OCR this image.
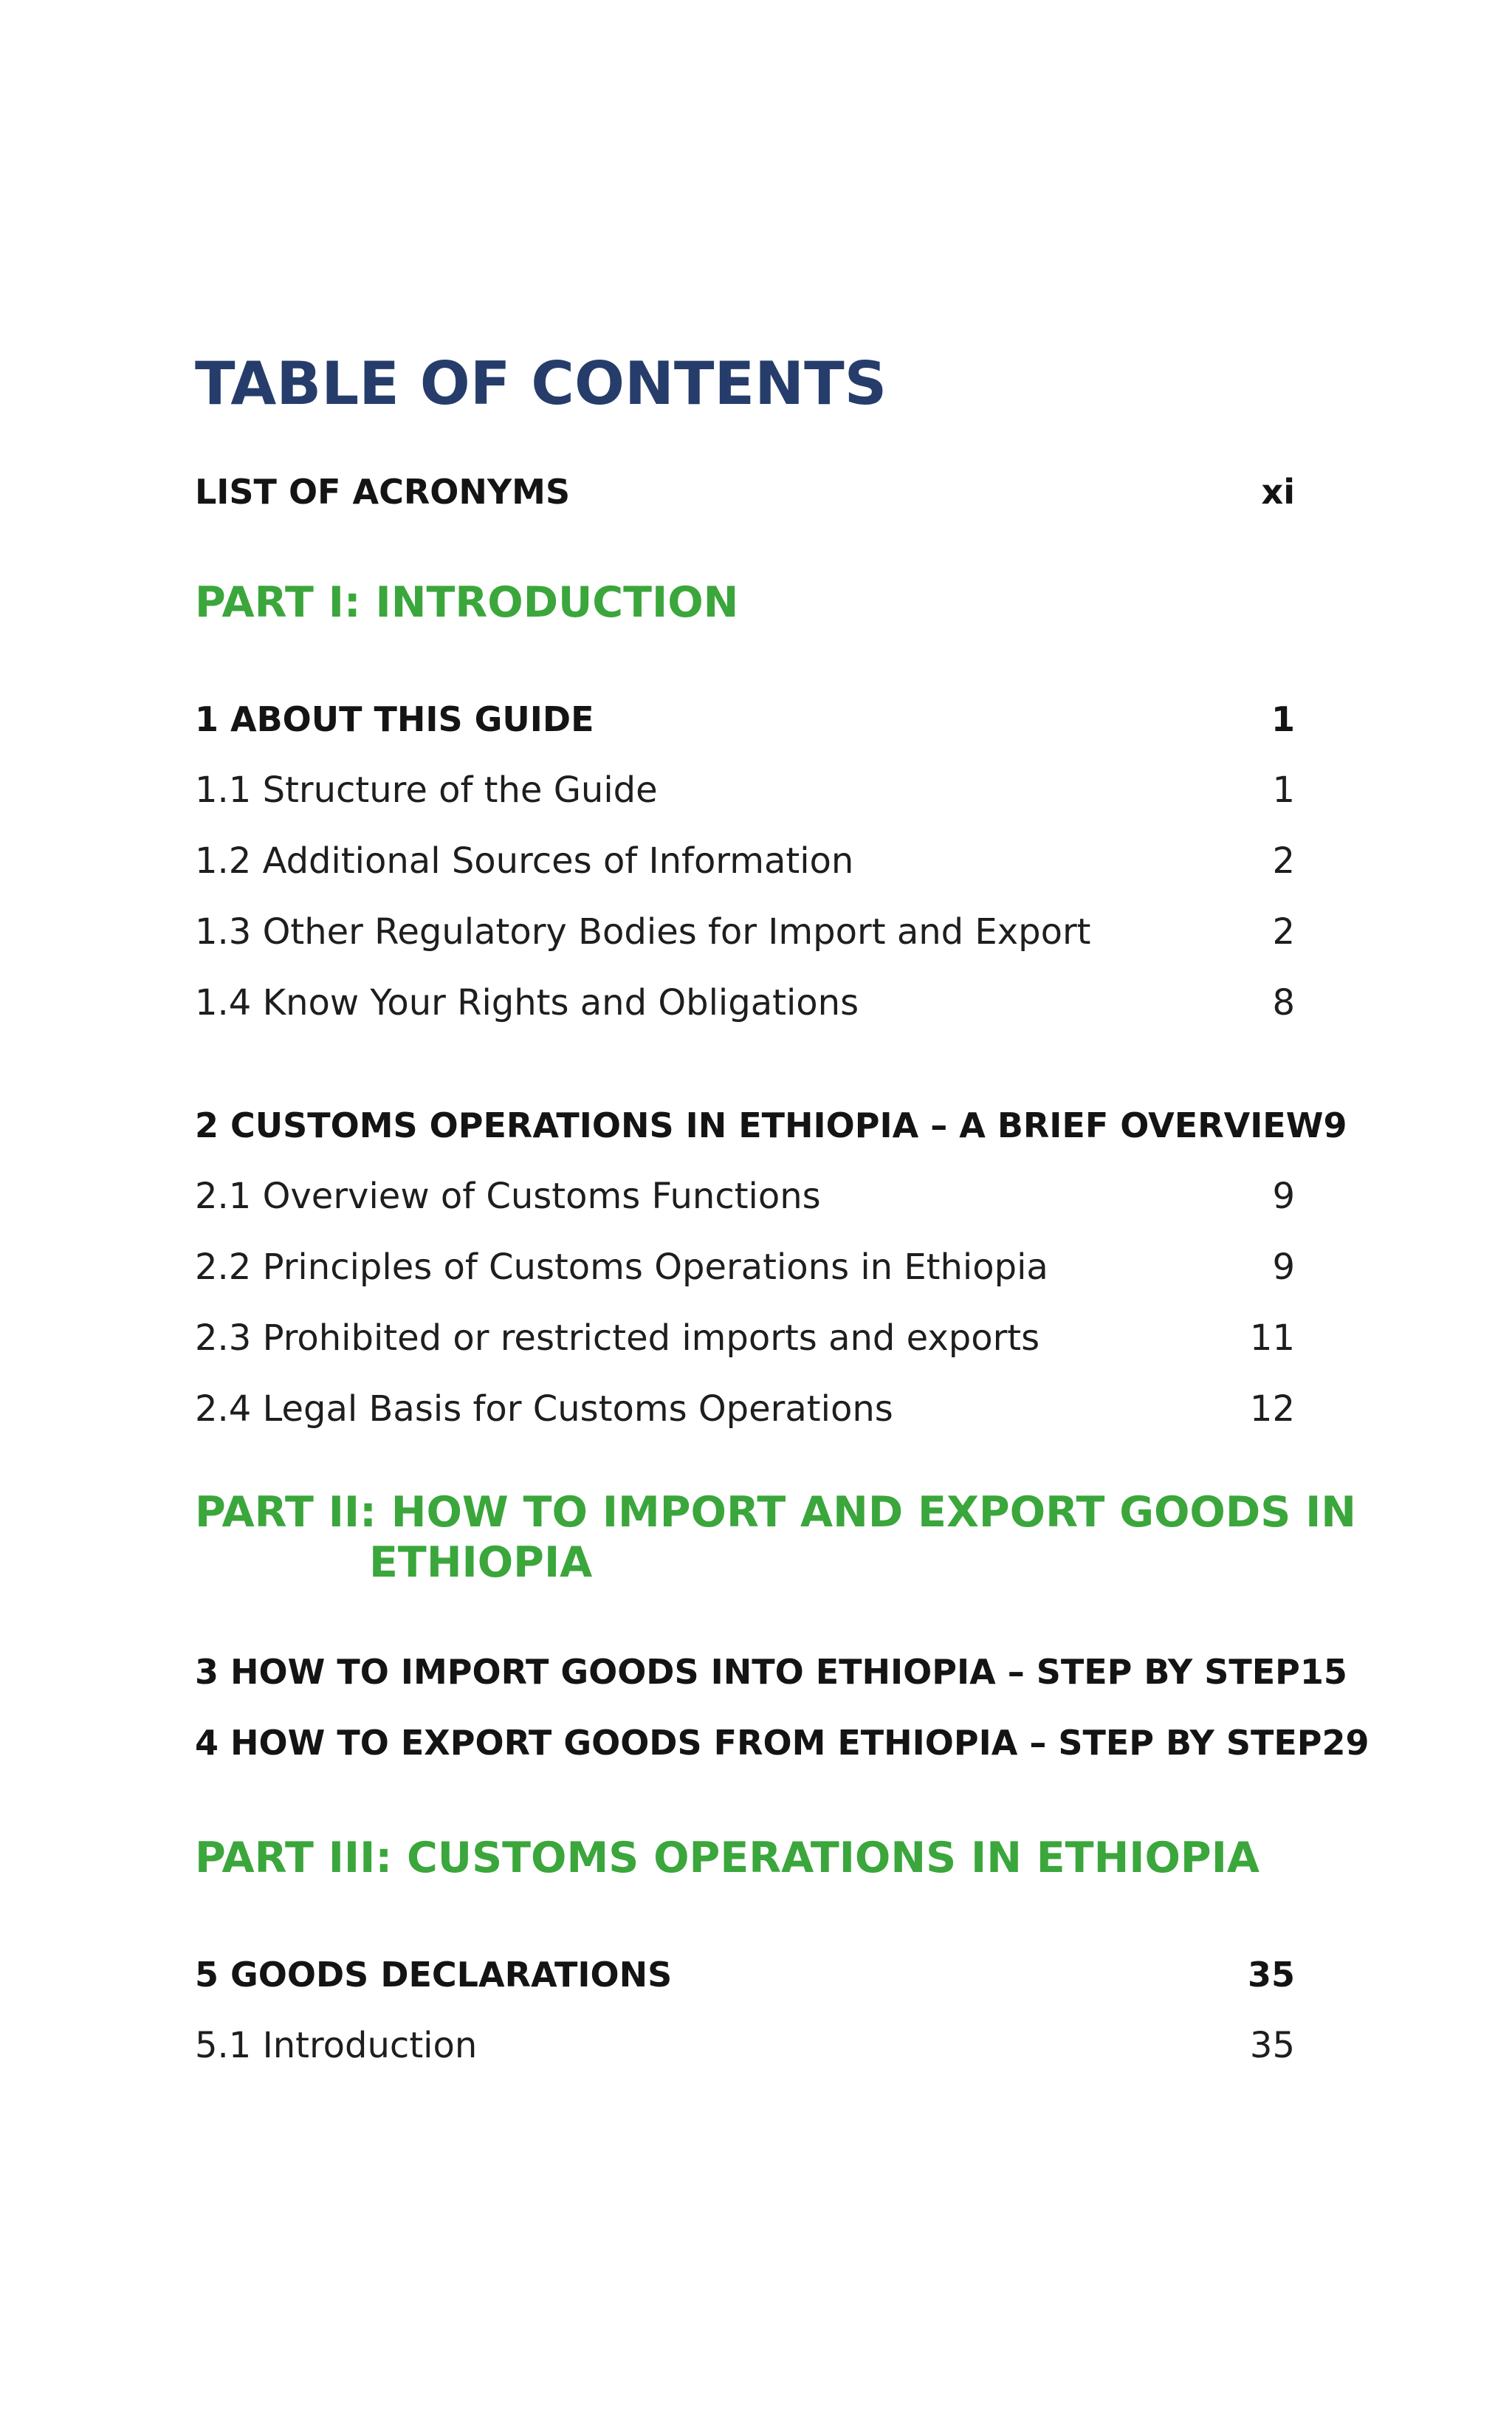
TABLE OF CONTENTS
LIST OF ACRONYMS	xi
PART I: INTRODUCTION
1 ABOUT THIS GUIDE	1
1.1 Structure of the Guide	1
1.2 Additional Sources of Information	2
1.3 Other Regulatory Bodies for Import and Export	2
1.4 Know Your Rights and Obligations	8
2 CUSTOMS OPERATIONS IN ETHIOPIA – A BRIEF OVERVIEW 9
2.1 Overview of Customs Functions	9
2.2 Principles of Customs Operations in Ethiopia	9
2.3 Prohibited or restricted imports and exports	11
2.4 Legal Basis for Customs Operations	12
PART II: HOW TO IMPORT AND EXPORT GOODS IN
ETHIOPIA
3 HOW TO IMPORT GOODS INTO ETHIOPIA – STEP BY STEP 15
4 HOW TO EXPORT GOODS FROM ETHIOPIA – STEP BY STEP 29
PART III: CUSTOMS OPERATIONS IN ETHIOPIA
5 GOODS DECLARATIONS	35
5.1 Introduction	35
